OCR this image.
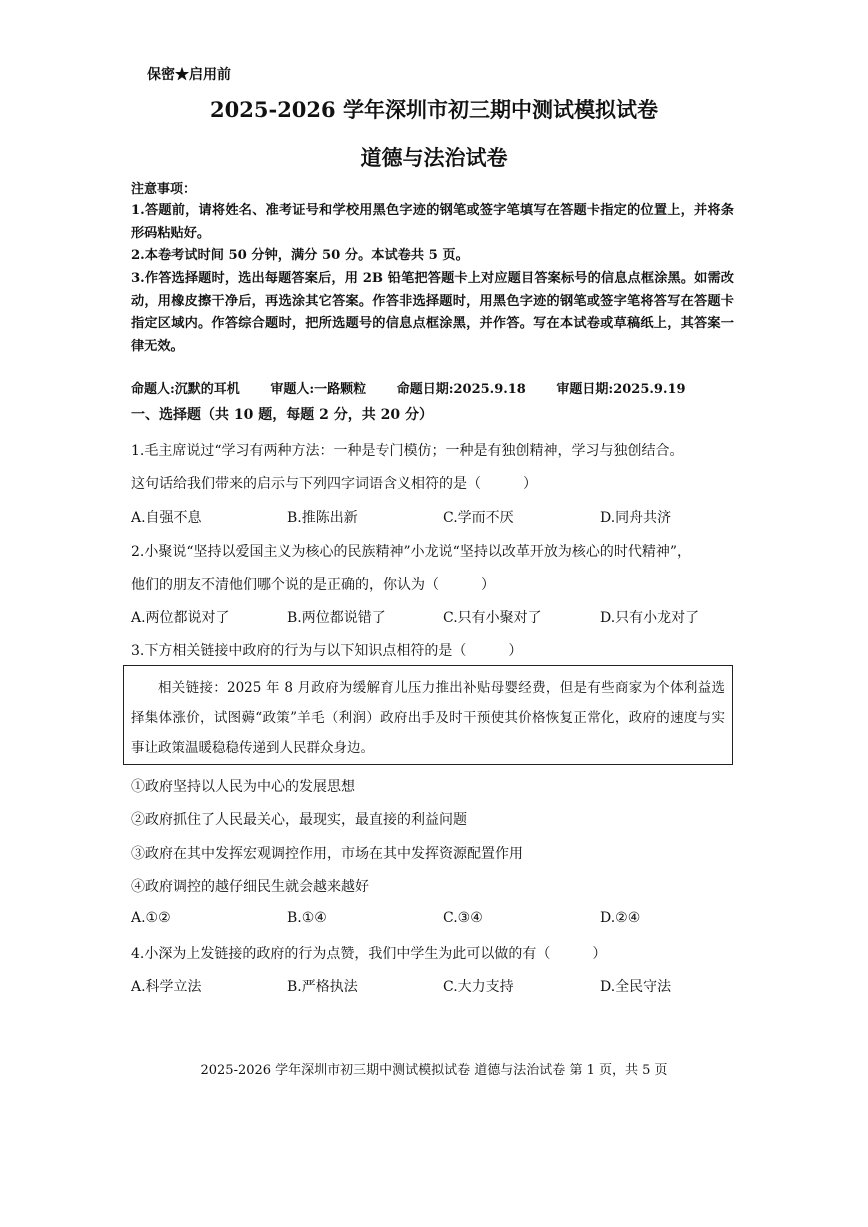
保密★启用前
2025-2026 学年深圳市初三期中测试模拟试卷
道德与法治试卷
注意事项：
1.答题前，请将姓名、准考证号和学校用黑色字迹的钢笔或签字笔填写在答题卡指定的位置上，并将条形码粘贴好。
2.本卷考试时间 50 分钟，满分 50 分。本试卷共 5 页。
3.作答选择题时，选出每题答案后，用 2B 铅笔把答题卡上对应题目答案标号的信息点框涂黑。如需改动，用橡皮擦干净后，再选涂其它答案。作答非选择题时，用黑色字迹的钢笔或签字笔将答写在答题卡指定区域内。作答综合题时，把所选题号的信息点框涂黑，并作答。写在本试卷或草稿纸上，其答案一律无效。
命题人:沉默的耳机 审题人:一路颗粒 命题日期:2025.9.18 审题日期:2025.9.19
一、选择题（共 10 题，每题 2 分，共 20 分）
1.毛主席说过“学习有两种方法：一种是专门模仿；一种是有独创精神，学习与独创结合。
这句话给我们带来的启示与下列四字词语含义相符的是（　　　）
A.自强不息	B.推陈出新	C.学而不厌	D.同舟共济
2.小聚说“坚持以爱国主义为核心的民族精神”小龙说“坚持以改革开放为核心的时代精神”，
他们的朋友不清他们哪个说的是正确的，你认为（　　　）
A.两位都说对了	B.两位都说错了	C.只有小聚对了	D.只有小龙对了
3.下方相关链接中政府的行为与以下知识点相符的是（　　　）
相关链接：2025 年 8 月政府为缓解育儿压力推出补贴母婴经费，但是有些商家为个体利益选择集体涨价，试图薅“政策”羊毛（利润）政府出手及时干预使其价格恢复正常化，政府的速度与实事让政策温暖稳稳传递到人民群众身边。
①政府坚持以人民为中心的发展思想
②政府抓住了人民最关心，最现实，最直接的利益问题
③政府在其中发挥宏观调控作用，市场在其中发挥资源配置作用
④政府调控的越仔细民生就会越来越好
A.①②	B.①④	C.③④	D.②④
4.小深为上发链接的政府的行为点赞，我们中学生为此可以做的有（　　　）
A.科学立法	B.严格执法	C.大力支持	D.全民守法
2025-2026 学年深圳市初三期中测试模拟试卷 道德与法治试卷 第 1 页，共 5 页
